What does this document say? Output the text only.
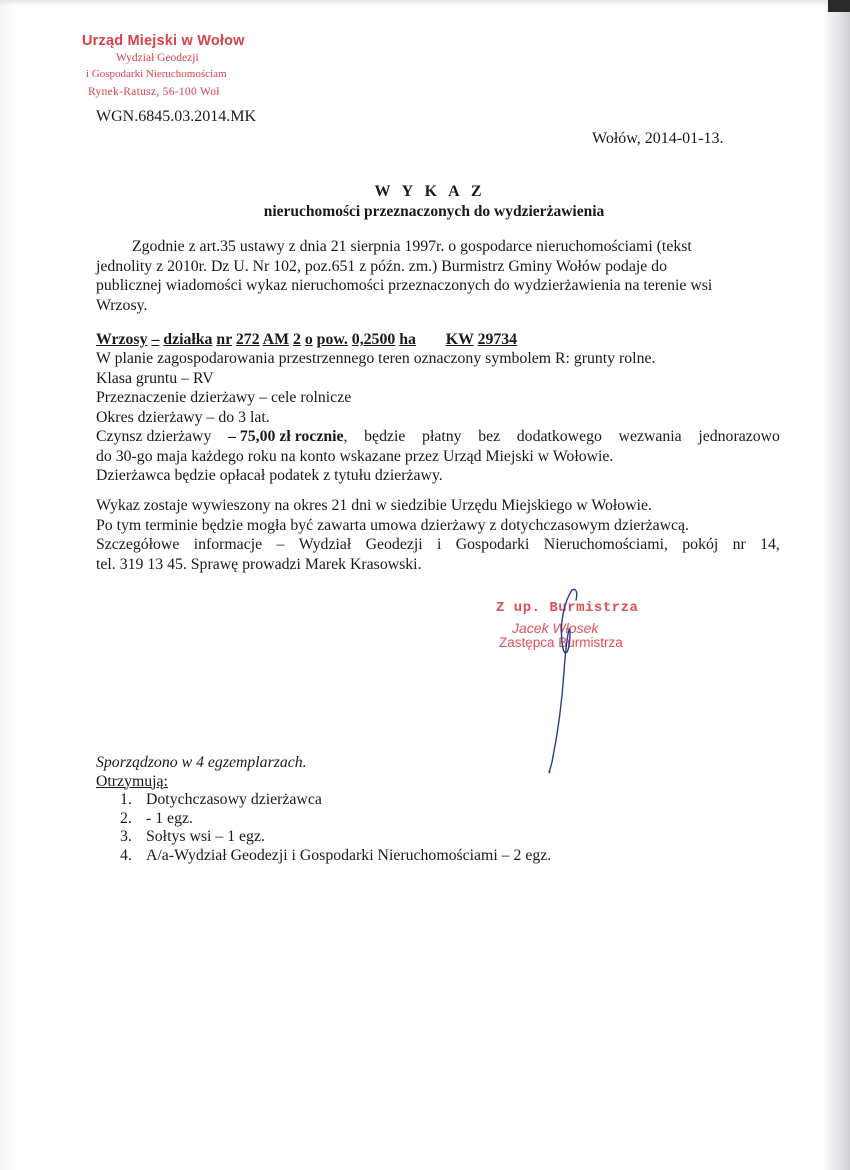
Urząd Miejski w Wołow
Wydział Geodezji
i Gospodarki Nieruchomościam
Rynek-Ratusz, 56-100 Woł
WGN.6845.03.2014.MK
Wołów, 2014-01-13.
W Y K A Z
nieruchomości przeznaczonych do wydzierżawienia
Zgodnie z art.35 ustawy z dnia 21 sierpnia 1997r. o gospodarce nieruchomościami (tekst
jednolity z 2010r. Dz U. Nr 102, poz.651 z późn. zm.) Burmistrz Gminy Wołów podaje do
publicznej wiadomości wykaz nieruchomości przeznaczonych do wydzierżawienia na terenie wsi
Wrzosy.
Wrzosy – działka nr 272 AM 2 o pow. 0,2500 ha KW 29734
W planie zagospodarowania przestrzennego teren oznaczony symbolem R: grunty rolne.
Klasa gruntu – RV
Przeznaczenie dzierżawy – cele rolnicze
Okres dzierżawy – do 3 lat.
Czynsz dzierżawy – 75,00 zł rocznie, będzie płatny bez dodatkowego wezwania jednorazowo
do 30-go maja każdego roku na konto wskazane przez Urząd Miejski w Wołowie.
Dzierżawca będzie opłacał podatek z tytułu dzierżawy.
Wykaz zostaje wywieszony na okres 21 dni w siedzibie Urzędu Miejskiego w Wołowie.
Po tym terminie będzie mogła być zawarta umowa dzierżawy z dotychczasowym dzierżawcą.
Szczegółowe informacje – Wydział Geodezji i Gospodarki Nieruchomościami, pokój nr 14,
tel. 319 13 45. Sprawę prowadzi Marek Krasowski.
Z up. Burmistrza
Jacek Włosek
Zastępca Burmistrza
Sporządzono w 4 egzemplarzach.
Otrzymują:
1. Dotychczasowy dzierżawca
2. - 1 egz.
3. Sołtys wsi – 1 egz.
4. A/a-Wydział Geodezji i Gospodarki Nieruchomościami – 2 egz.
